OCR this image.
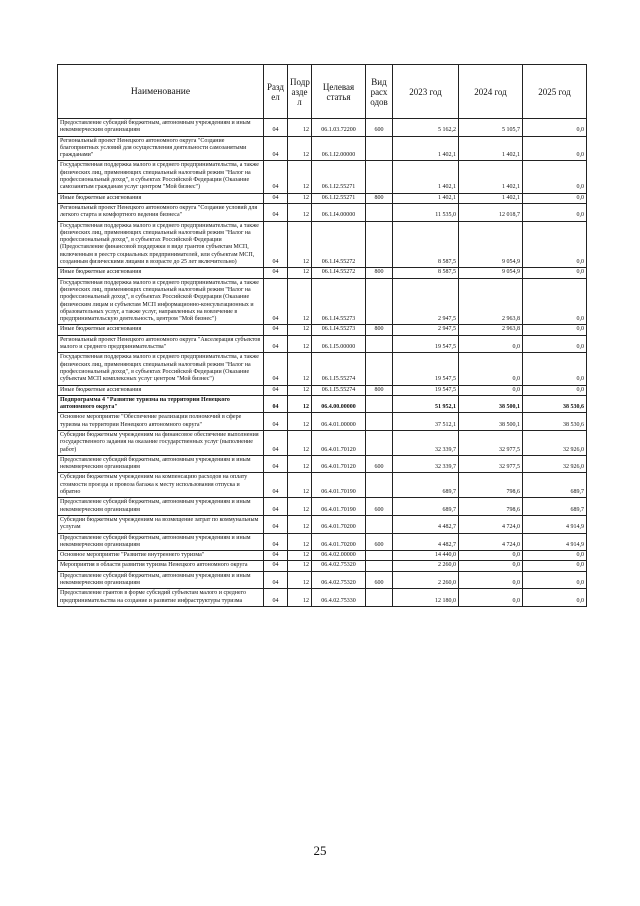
Наименование	Разд ел	Подр азде л	Целевая статья	Вид расх одов	2023 год	2024 год	2025 год
Предоставление субсидий бюджетным, автономным учреждениям и иным некоммерческим организациям	04	12	06.1.03.72200	600	5 162,2	5 105,7	0,0
Региональный проект Ненецкого автономного округа "Создание благоприятных условий для осуществления деятельности самозанятыми гражданами"	04	12	06.1.I2.00000		1 402,1	1 402,1	0,0
Государственная поддержка малого и среднего предпринимательства, а также физических лиц, применяющих специальный налоговый режим "Налог на профессиональный доход", в субъектах Российской Федерации (Оказание самозанятым гражданам услуг центром "Мой бизнес")	04	12	06.1.I2.55271		1 402,1	1 402,1	0,0
Иные бюджетные ассигнования	04	12	06.1.I2.55271	800	1 402,1	1 402,1	0,0
Региональный проект Ненецкого автономного округа "Создание условий для легкого старта и комфортного ведения бизнеса"	04	12	06.1.I4.00000		11 535,0	12 018,7	0,0
Государственная поддержка малого и среднего предпринимательства, а также физических лиц, применяющих специальный налоговый режим "Налог на профессиональный доход", в субъектах Российской Федерации (Предоставление финансовой поддержки в виде грантов субъектам МСП, включенным в реестр социальных предпринимателей, или субъектам МСП, созданным физическими лицами в возрасте до 25 лет включительно)	04	12	06.1.I4.55272		8 587,5	9 054,9	0,0
Иные бюджетные ассигнования	04	12	06.1.I4.55272	800	8 587,5	9 054,9	0,0
Государственная поддержка малого и среднего предпринимательства, а также физических лиц, применяющих специальный налоговый режим "Налог на профессиональный доход", в субъектах Российской Федерации (Оказание физическим лицам и субъектам МСП информационно-консультационных и образовательных услуг, а также услуг, направленных на вовлечение в предпринимательскую деятельность, центром "Мой бизнес")	04	12	06.1.I4.55273		2 947,5	2 963,8	0,0
Иные бюджетные ассигнования	04	12	06.1.I4.55273	800	2 947,5	2 963,8	0,0
Региональный проект Ненецкого автономного округа "Акселерация субъектов малого и среднего предпринимательства"	04	12	06.1.I5.00000		19 547,5	0,0	0,0
Государственная поддержка малого и среднего предпринимательства, а также физических лиц, применяющих специальный налоговый режим "Налог на профессиональный доход", в субъектах Российской Федерации (Оказание субъектам МСП комплексных услуг центром "Мой бизнес")	04	12	06.1.I5.55274		19 547,5	0,0	0,0
Иные бюджетные ассигнования	04	12	06.1.I5.55274	800	19 547,5	0,0	0,0
Подпрограмма 4 "Развитие туризма на территории Ненецкого автономного округа"	04	12	06.4.00.00000		51 952,1	38 500,1	38 530,6
Основное мероприятие "Обеспечение реализации полномочий в сфере туризма на территории Ненецкого автономного округа"	04	12	06.4.01.00000		37 512,1	38 500,1	38 530,6
Субсидии бюджетным учреждениям на финансовое обеспечение выполнения государственного задания на оказание государственных услуг (выполнение работ)	04	12	06.4.01.70120		32 339,7	32 977,5	32 926,0
Предоставление субсидий бюджетным, автономным учреждениям и иным некоммерческим организациям	04	12	06.4.01.70120	600	32 339,7	32 977,5	32 926,0
Субсидии бюджетным учреждениям на компенсацию расходов на оплату стоимости проезда и провоза багажа к месту использования отпуска и обратно	04	12	06.4.01.70190		689,7	798,6	689,7
Предоставление субсидий бюджетным, автономным учреждениям и иным некоммерческим организациям	04	12	06.4.01.70190	600	689,7	798,6	689,7
Субсидии бюджетным учреждениям на возмещение затрат по коммунальным услугам	04	12	06.4.01.70200		4 482,7	4 724,0	4 914,9
Предоставление субсидий бюджетным, автономным учреждениям и иным некоммерческим организациям	04	12	06.4.01.70200	600	4 482,7	4 724,0	4 914,9
Основное мероприятие "Развитие внутреннего туризма"	04	12	06.4.02.00000		14 440,0	0,0	0,0
Мероприятия в области развития туризма Ненецкого автономного округа	04	12	06.4.02.75320		2 260,0	0,0	0,0
Предоставление субсидий бюджетным, автономным учреждениям и иным некоммерческим организациям	04	12	06.4.02.75320	600	2 260,0	0,0	0,0
Предоставление грантов в форме субсидий субъектам малого и среднего предпринимательства на создание и развитие инфраструктуры туризма	04	12	06.4.02.75330		12 180,0	0,0	0,0
25
